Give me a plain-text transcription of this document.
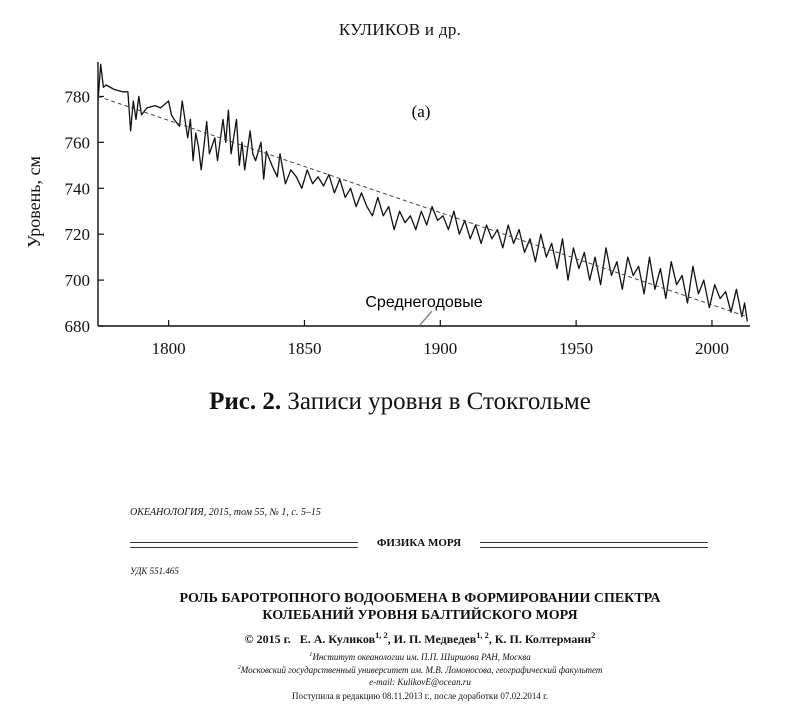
КУЛИКОВ и др.
1800	1850	1900	1950	2000
680
700
720
740
760
780
Уровень, см
(а)
Среднегодовые
Рис. 2. Записи уровня в Стокгольме
ОКЕАНОЛОГИЯ, 2015, том 55, № 1, с. 5–15
ФИЗИКА МОРЯ
УДК 551.465
РОЛЬ БАРОТРОПНОГО ВОДООБМЕНА В ФОРМИРОВАНИИ СПЕКТРА
КОЛЕБАНИЙ УРОВНЯ БАЛТИЙСКОГО МОРЯ
© 2015 г.   Е. А. Куликов$^{1, 2}$, И. П. Медведев$^{1, 2}$, К. П. Колтерманн$^2$
$^1$Институт океанологии им. П.П. Ширшова РАН, Москва
$^2$Московский государственный университет им. М.В. Ломоносова, географический факультет
e-mail: KulikovE@ocean.ru
Поступила в редакцию 08.11.2013 г., после доработки 07.02.2014 г.
